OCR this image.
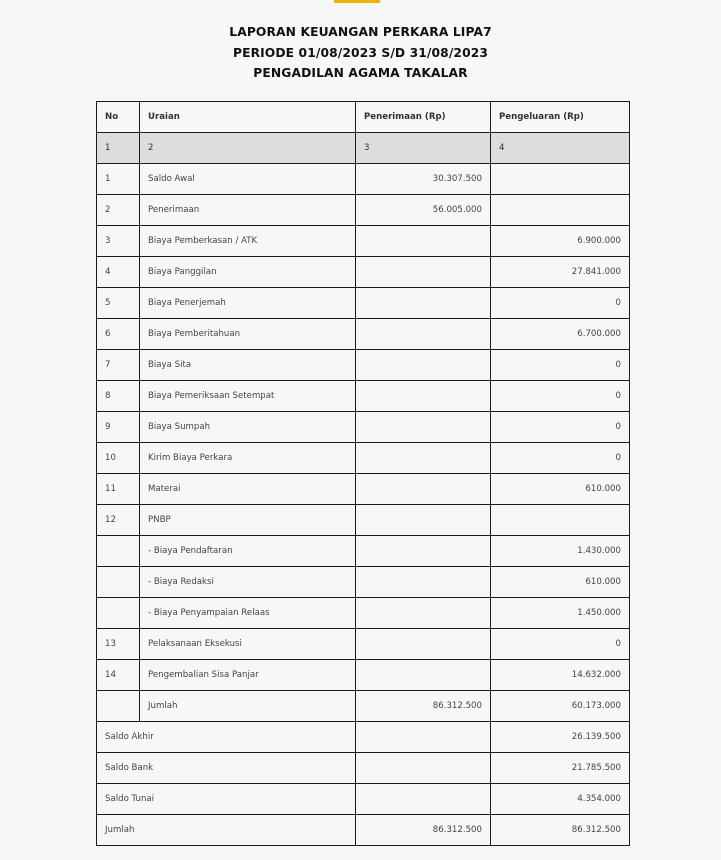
LAPORAN KEUANGAN PERKARA LIPA7
PERIODE 01/08/2023 S/D 31/08/2023
PENGADILAN AGAMA TAKALAR
No	Uraian	Penerimaan (Rp)	Pengeluaran (Rp)
1	2	3	4
1	Saldo Awal	30.307.500	
2	Penerimaan	56.005.000	
3	Biaya Pemberkasan / ATK		6.900.000
4	Biaya Panggilan		27.841.000
5	Biaya Penerjemah		0
6	Biaya Pemberitahuan		6.700.000
7	Biaya Sita		0
8	Biaya Pemeriksaan Setempat		0
9	Biaya Sumpah		0
10	Kirim Biaya Perkara		0
11	Materai		610.000
12	PNBP		
	- Biaya Pendaftaran		1.430.000
	- Biaya Redaksi		610.000
	- Biaya Penyampaian Relaas		1.450.000
13	Pelaksanaan Eksekusi		0
14	Pengembalian Sisa Panjar		14.632.000
	Jumlah	86.312.500	60.173.000
Saldo Akhir			26.139.500
Saldo Bank			21.785.500
Saldo Tunai			4.354.000
Jumlah		86.312.500	86.312.500
